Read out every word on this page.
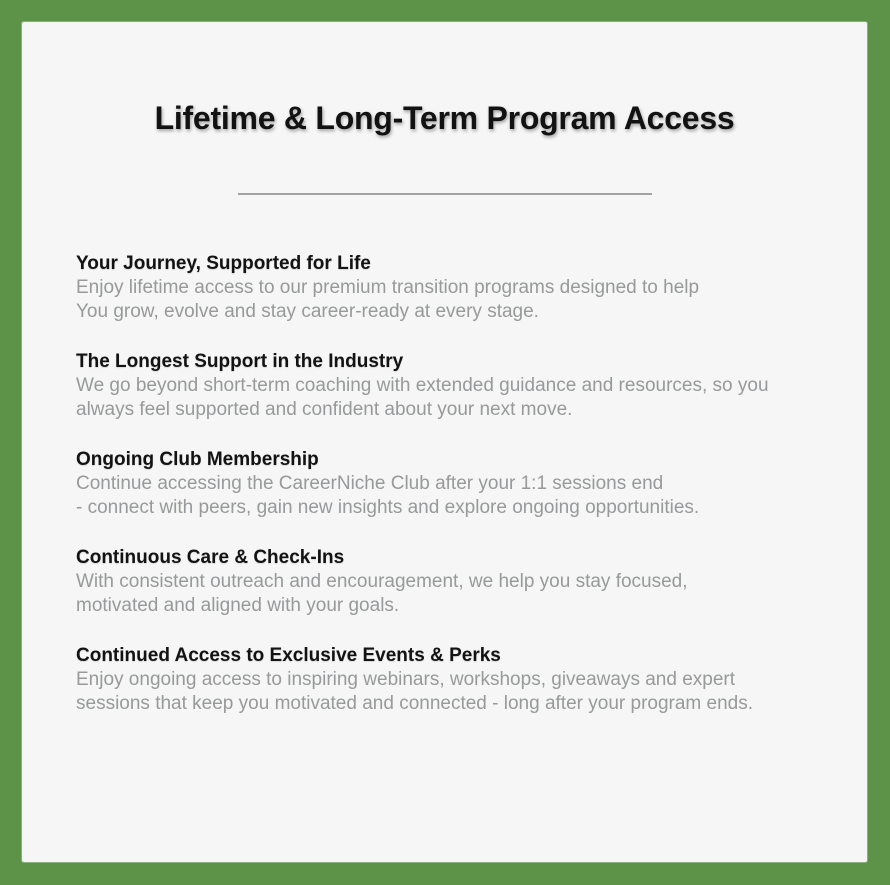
Lifetime & Long-Term Program Access
Your Journey, Supported for Life
Enjoy lifetime access to our premium transition programs designed to help
You grow, evolve and stay career-ready at every stage.
The Longest Support in the Industry
We go beyond short-term coaching with extended guidance and resources, so you
always feel supported and confident about your next move.
Ongoing Club Membership
Continue accessing the CareerNiche Club after your 1:1 sessions end
- connect with peers, gain new insights and explore ongoing opportunities.
Continuous Care & Check-Ins
With consistent outreach and encouragement, we help you stay focused,
motivated and aligned with your goals.
Continued Access to Exclusive Events & Perks
Enjoy ongoing access to inspiring webinars, workshops, giveaways and expert
sessions that keep you motivated and connected - long after your program ends.
